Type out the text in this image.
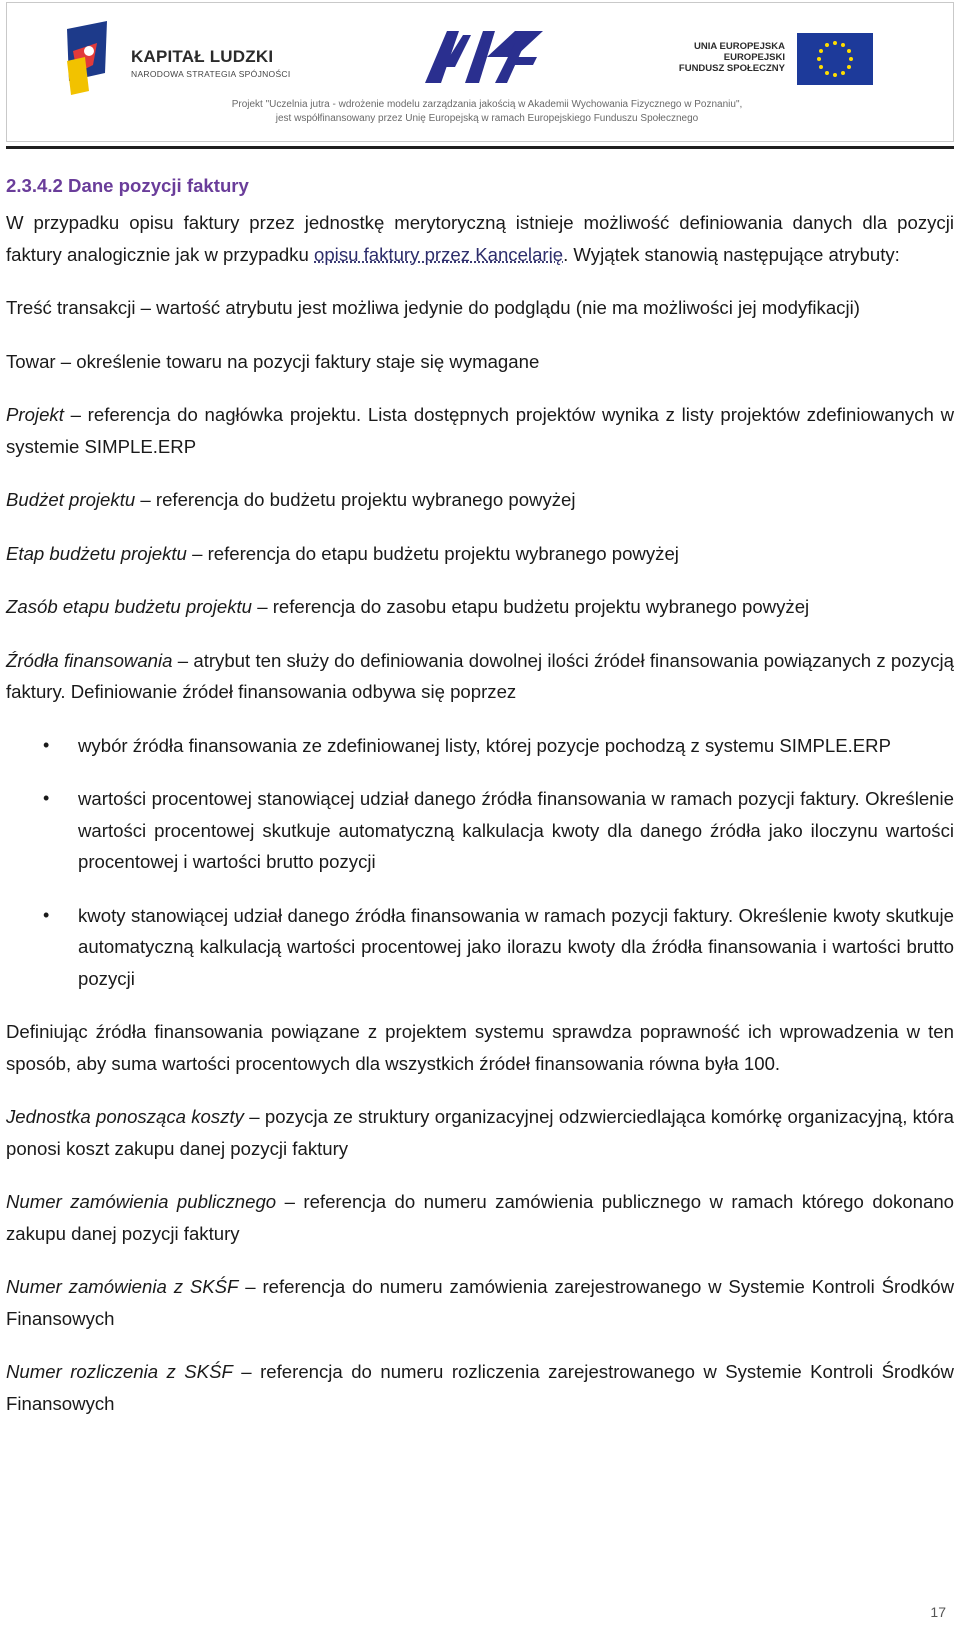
KAPITAŁ LUDZKI
NARODOWA STRATEGIA SPÓJNOŚCI
UNIA EUROPEJSKA
EUROPEJSKI
FUNDUSZ SPOŁECZNY
Projekt "Uczelnia jutra - wdrożenie modelu zarządzania jakością w Akademii Wychowania Fizycznego w Poznaniu",
jest współfinansowany przez Unię Europejską w ramach Europejskiego Funduszu Społecznego
2.3.4.2 Dane pozycji faktury

W przypadku opisu faktury przez jednostkę merytoryczną istnieje możliwość definiowania danych dla pozycji faktury analogicznie jak w przypadku opisu faktury przez Kancelarię. Wyjątek stanowią następujące atrybuty:

Treść transakcji – wartość atrybutu jest możliwa jedynie do podglądu (nie ma możliwości jej modyfikacji)

Towar – określenie towaru na pozycji faktury staje się wymagane

Projekt – referencja do nagłówka projektu. Lista dostępnych projektów wynika z listy projektów zdefiniowanych w systemie SIMPLE.ERP

Budżet projektu – referencja do budżetu projektu wybranego powyżej

Etap budżetu projektu – referencja do etapu budżetu projektu wybranego powyżej

Zasób etapu budżetu projektu – referencja do zasobu etapu budżetu projektu wybranego powyżej

Źródła finansowania – atrybut ten służy do definiowania dowolnej ilości źródeł finansowania powiązanych z pozycją faktury. Definiowanie źródeł finansowania odbywa się poprzez

• wybór źródła finansowania ze zdefiniowanej listy, której pozycje pochodzą z systemu SIMPLE.ERP
• wartości procentowej stanowiącej udział danego źródła finansowania w ramach pozycji faktury. Określenie wartości procentowej skutkuje automatyczną kalkulacja kwoty dla danego źródła jako iloczynu wartości procentowej i wartości brutto pozycji
• kwoty stanowiącej udział danego źródła finansowania w ramach pozycji faktury. Określenie kwoty skutkuje automatyczną kalkulacją wartości procentowej jako ilorazu kwoty dla źródła finansowania i wartości brutto pozycji

Definiując źródła finansowania powiązane z projektem systemu sprawdza poprawność ich wprowadzenia w ten sposób, aby suma wartości procentowych dla wszystkich źródeł finansowania równa była 100.

Jednostka ponosząca koszty – pozycja ze struktury organizacyjnej odzwierciedlająca komórkę organizacyjną, która ponosi koszt zakupu danej pozycji faktury

Numer zamówienia publicznego – referencja do numeru zamówienia publicznego w ramach którego dokonano zakupu danej pozycji faktury

Numer zamówienia z SKŚF – referencja do numeru zamówienia zarejestrowanego w Systemie Kontroli Środków Finansowych

Numer rozliczenia z SKŚF – referencja do numeru rozliczenia zarejestrowanego w Systemie Kontroli Środków Finansowych

17
